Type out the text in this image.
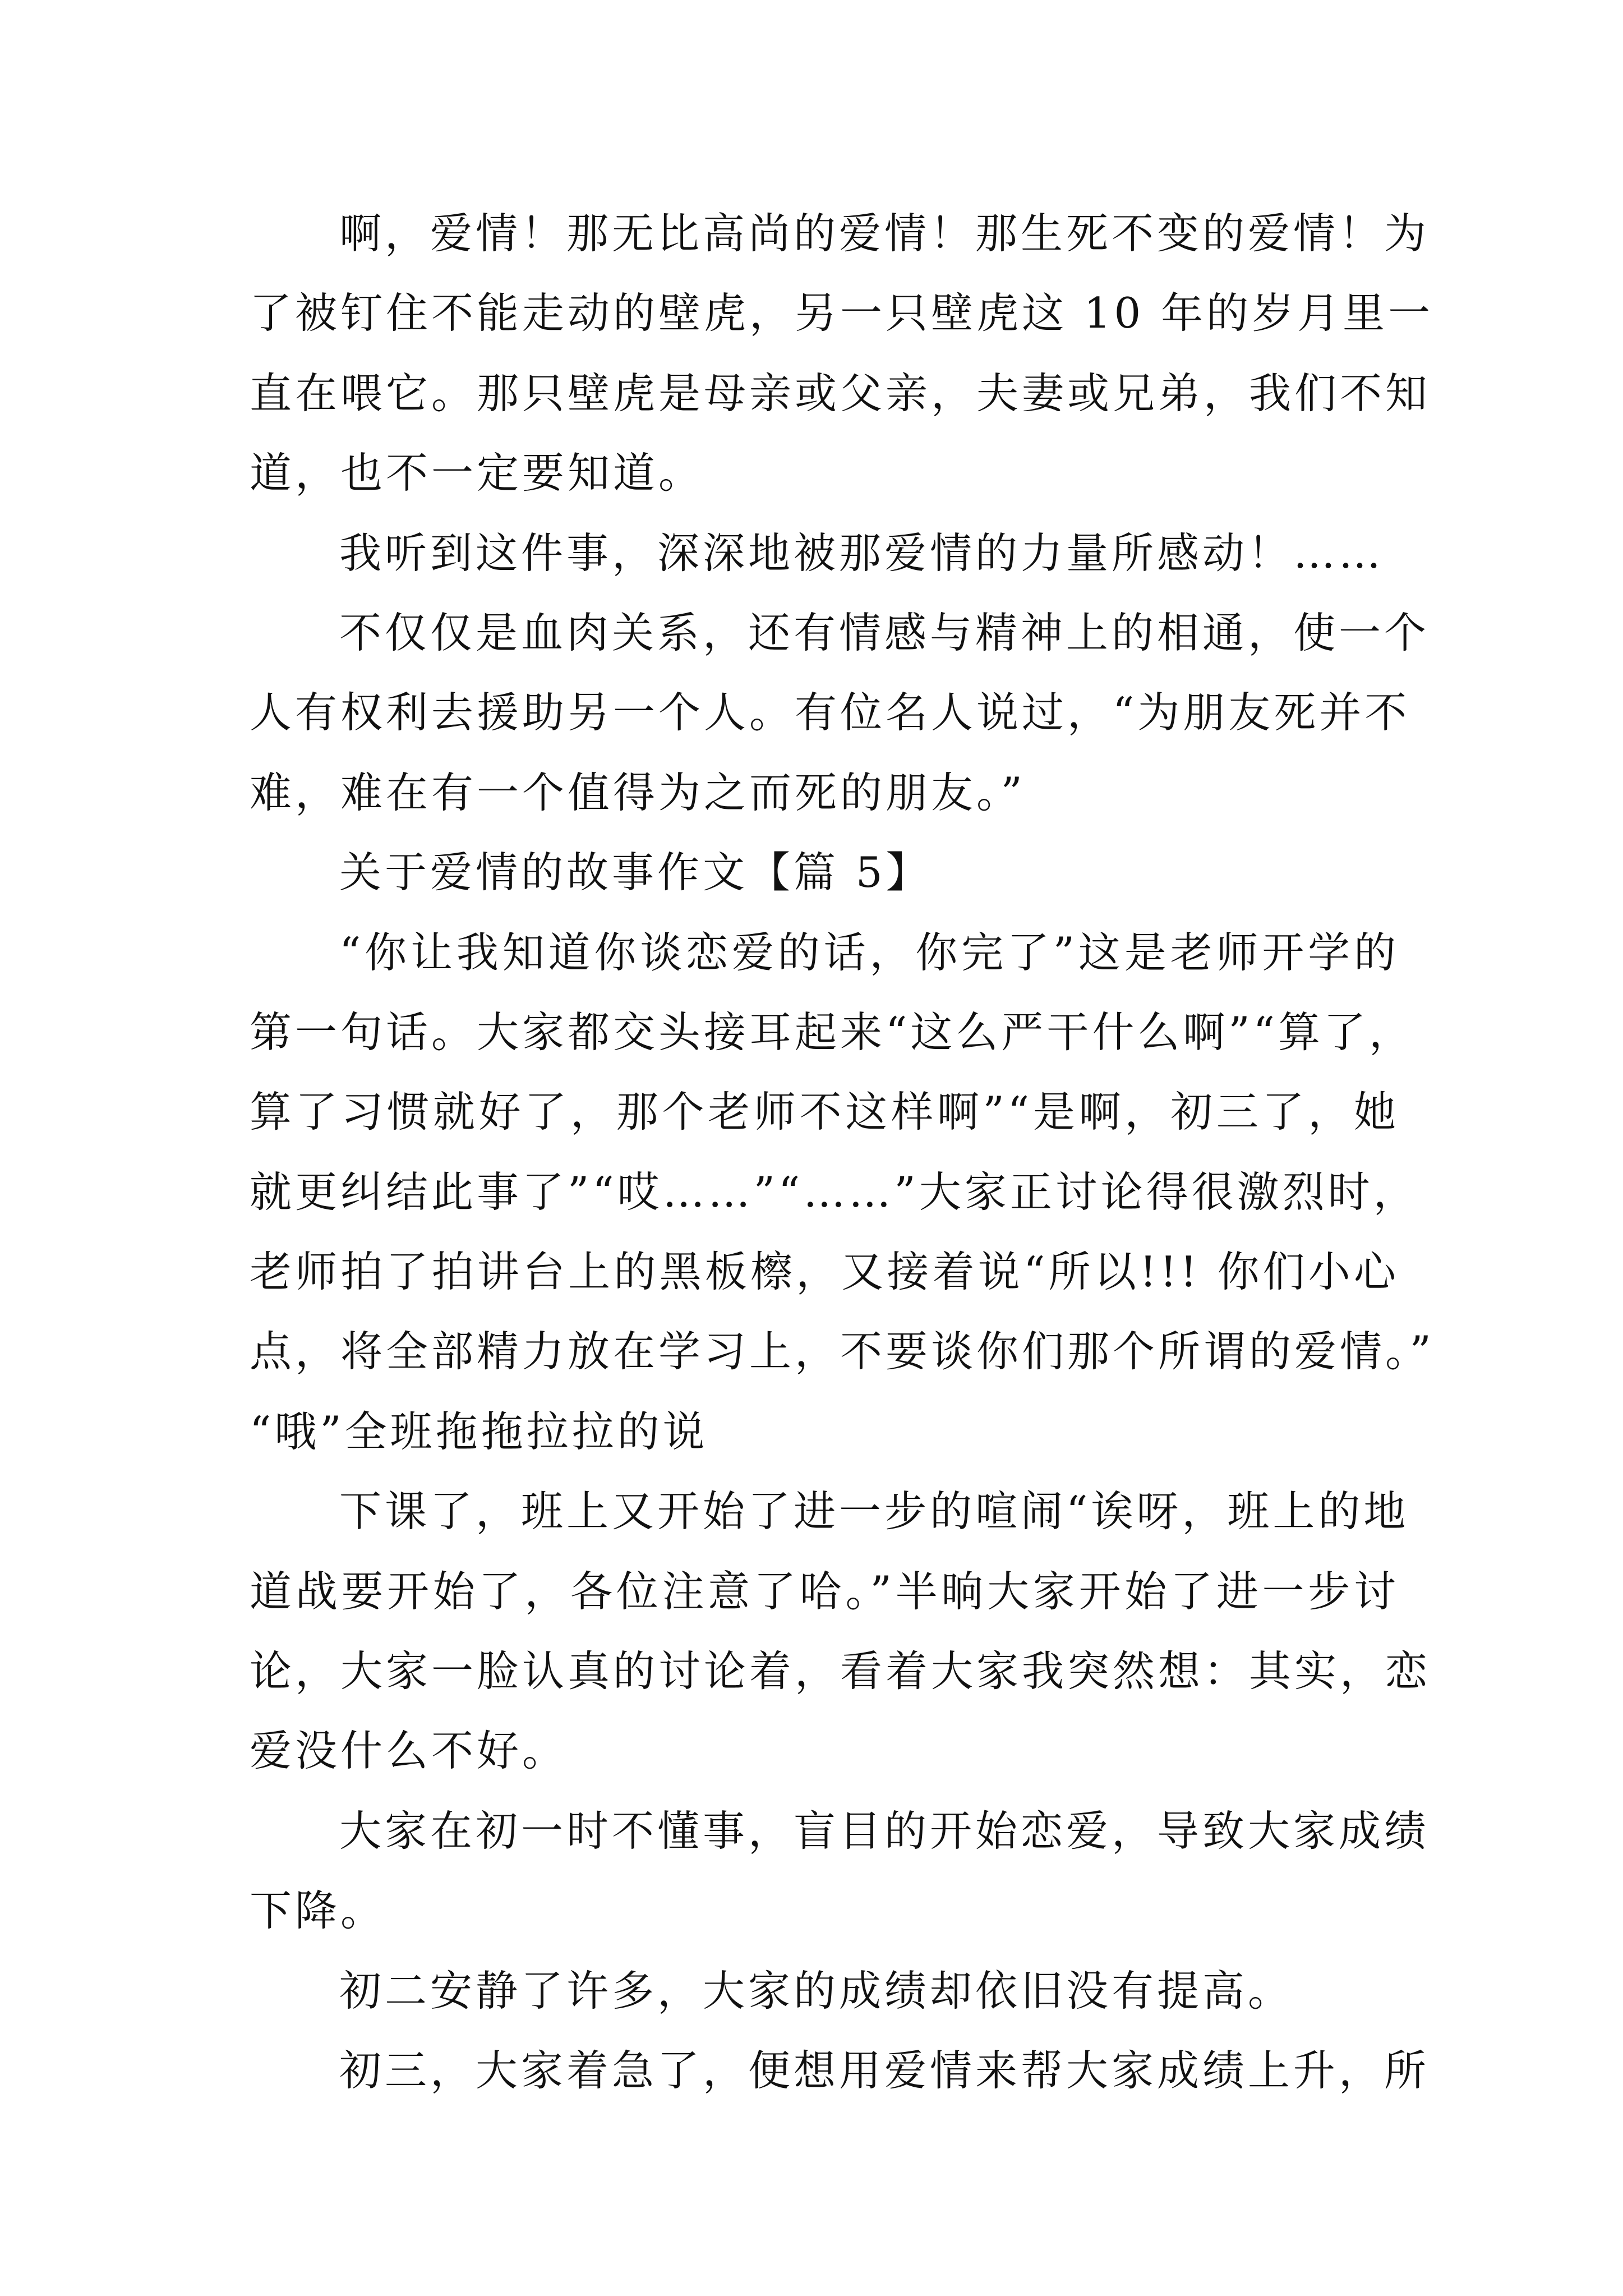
啊，爱情！那无比高尚的爱情！那生死不变的爱情！为
了被钉住不能走动的壁虎，另一只壁虎这 10 年的岁月里一
直在喂它。那只壁虎是母亲或父亲，夫妻或兄弟，我们不知
道，也不一定要知道。
我听到这件事，深深地被那爱情的力量所感动！……
不仅仅是血肉关系，还有情感与精神上的相通，使一个
人有权利去援助另一个人。有位名人说过，“为朋友死并不
难，难在有一个值得为之而死的朋友。”
关于爱情的故事作文【篇 5】
“你让我知道你谈恋爱的话，你完了”这是老师开学的
第一句话。大家都交头接耳起来“这么严干什么啊”“算了，
算了习惯就好了，那个老师不这样啊”“是啊，初三了，她
就更纠结此事了”“哎……”“……”大家正讨论得很激烈时，
老师拍了拍讲台上的黑板檫，又接着说“所以!!! 你们小心
点，将全部精力放在学习上，不要谈你们那个所谓的爱情。”
“哦”全班拖拖拉拉的说
下课了，班上又开始了进一步的喧闹“诶呀，班上的地
道战要开始了，各位注意了哈。”半晌大家开始了进一步讨
论，大家一脸认真的讨论着，看着大家我突然想：其实，恋
爱没什么不好。
大家在初一时不懂事，盲目的开始恋爱，导致大家成绩
下降。
初二安静了许多，大家的成绩却依旧没有提高。
初三，大家着急了，便想用爱情来帮大家成绩上升，所
